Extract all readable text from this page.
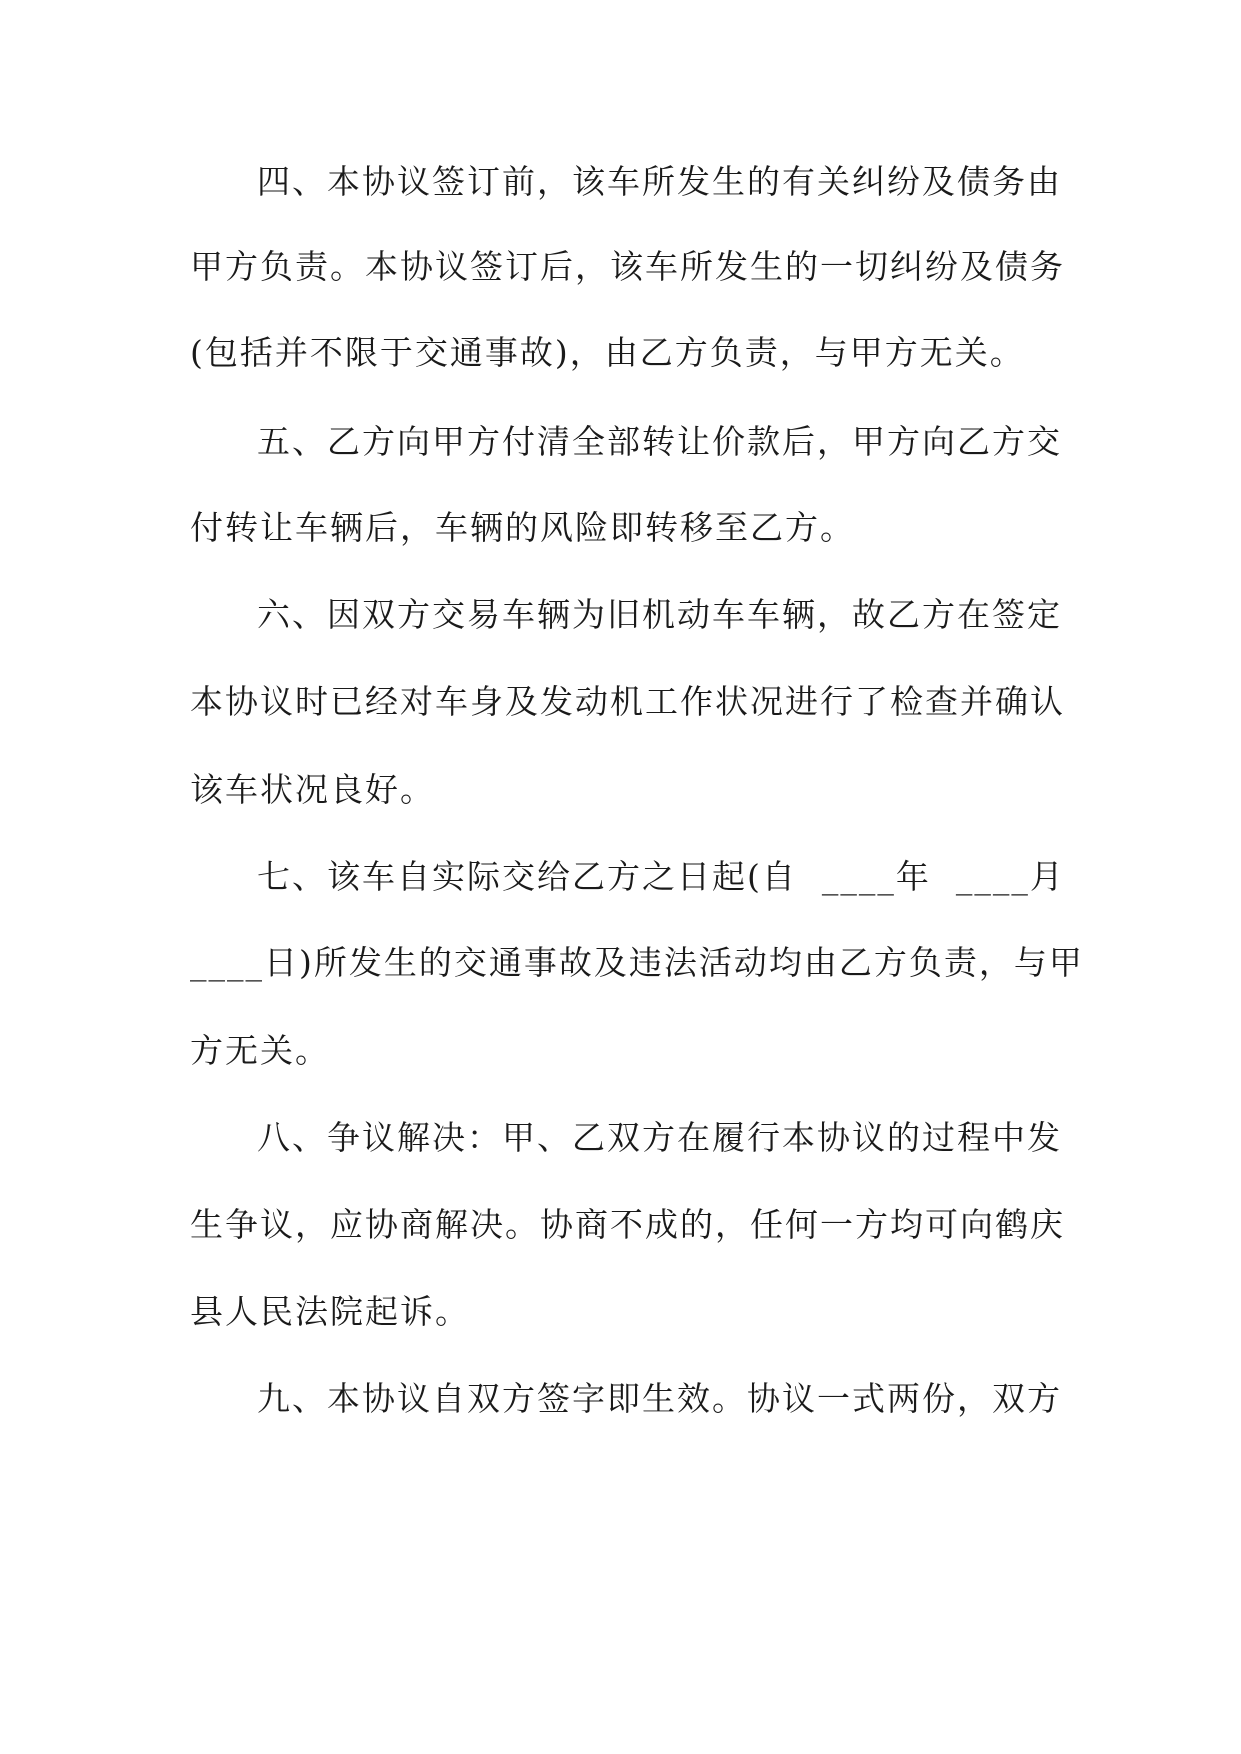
四、本协议签订前，该车所发生的有关纠纷及债务由

甲方负责。本协议签订后，该车所发生的一切纠纷及债务

(包括并不限于交通事故)，由乙方负责，与甲方无关。

五、乙方向甲方付清全部转让价款后，甲方向乙方交

付转让车辆后，车辆的风险即转移至乙方。

六、因双方交易车辆为旧机动车车辆，故乙方在签定

本协议时已经对车身及发动机工作状况进行了检查并确认

该车状况良好。

七、该车自实际交给乙方之日起(自  ____年  ____月

____日)所发生的交通事故及违法活动均由乙方负责，与甲

方无关。

八、争议解决：甲、乙双方在履行本协议的过程中发

生争议，应协商解决。协商不成的，任何一方均可向鹤庆

县人民法院起诉。

九、本协议自双方签字即生效。协议一式两份，双方
